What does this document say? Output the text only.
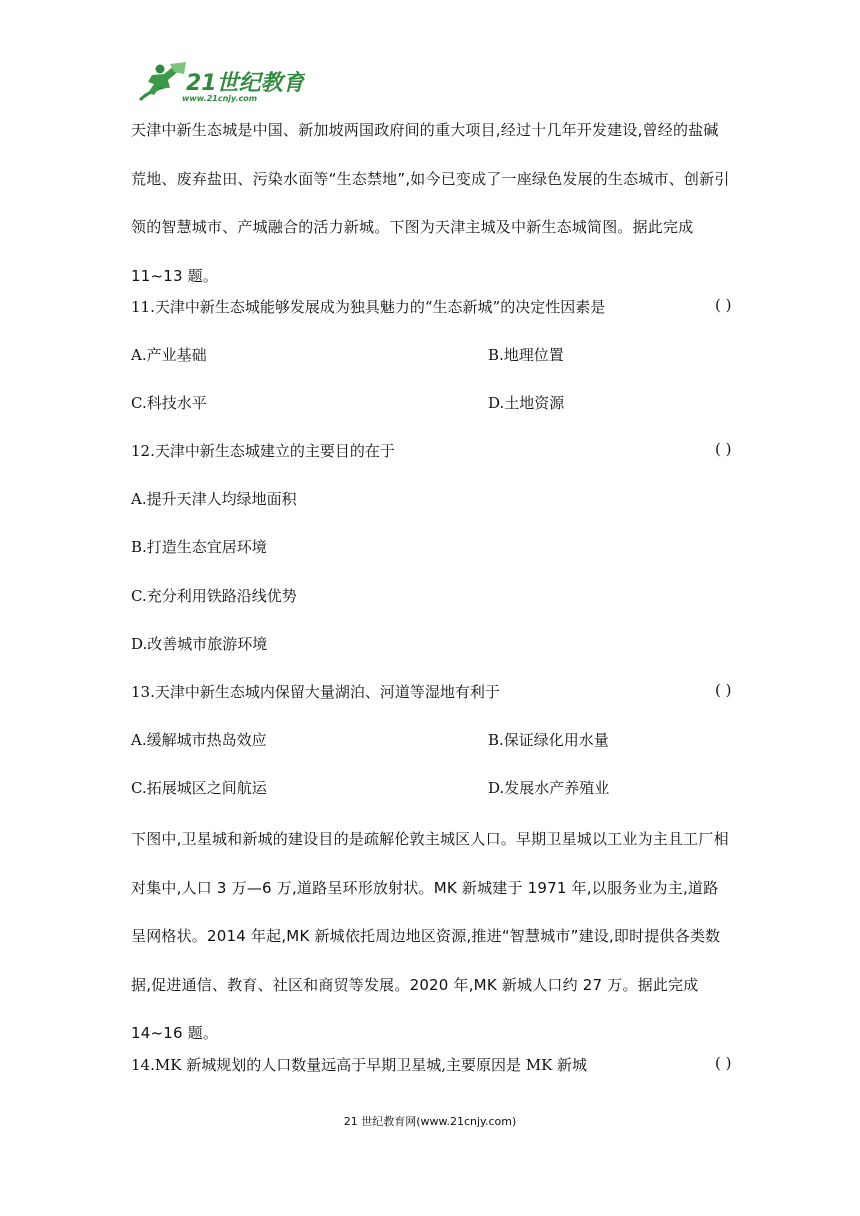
21世纪教育
www.21cnjy.com

天津中新生态城是中国、新加坡两国政府间的重大项目,经过十几年开发建设,曾经的盐碱荒地、废弃盐田、污染水面等“生态禁地”,如今已变成了一座绿色发展的生态城市、创新引领的智慧城市、产城融合的活力新城。下图为天津主城及中新生态城简图。据此完成 11~13 题。

11.天津中新生态城能够发展成为独具魅力的“生态新城”的决定性因素是	( )
A.产业基础	B.地理位置
C.科技水平	D.土地资源
12.天津中新生态城建立的主要目的在于	( )
A.提升天津人均绿地面积
B.打造生态宜居环境
C.充分利用铁路沿线优势
D.改善城市旅游环境
13.天津中新生态城内保留大量湖泊、河道等湿地有利于	( )
A.缓解城市热岛效应	B.保证绿化用水量
C.拓展城区之间航运	D.发展水产养殖业

下图中,卫星城和新城的建设目的是疏解伦敦主城区人口。早期卫星城以工业为主且工厂相对集中,人口 3 万—6 万,道路呈环形放射状。MK 新城建于 1971 年,以服务业为主,道路呈网格状。2014 年起,MK 新城依托周边地区资源,推进“智慧城市”建设,即时提供各类数据,促进通信、教育、社区和商贸等发展。2020 年,MK 新城人口约 27 万。据此完成 14~16 题。

14.MK 新城规划的人口数量远高于早期卫星城,主要原因是 MK 新城	( )
21 世纪教育网(www.21cnjy.com)
